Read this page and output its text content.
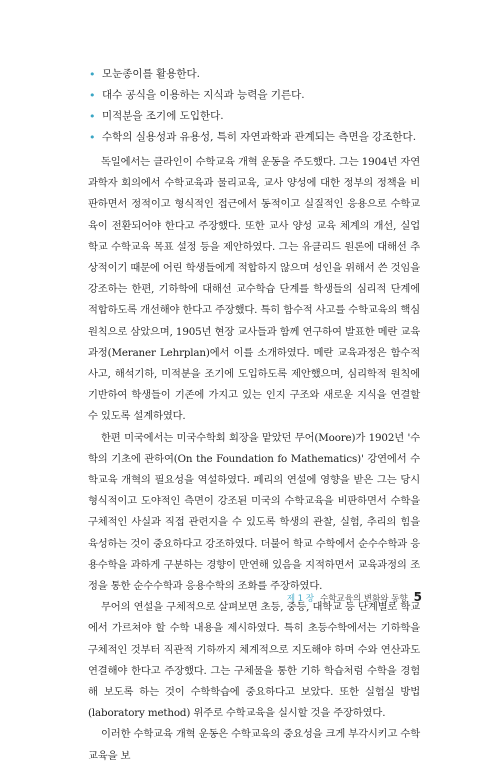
• 모눈종이를 활용한다.
• 대수 공식을 이용하는 지식과 능력을 기른다.
• 미적분을 조기에 도입한다.
• 수학의 실용성과 유용성, 특히 자연과학과 관계되는 측면을 강조한다.

독일에서는 클라인이 수학교육 개혁 운동을 주도했다. 그는 1904년 자연과학자 회의에서 수학교육과 물리교육, 교사 양성에 대한 정부의 정책을 비판하면서 정적이고 형식적인 접근에서 동적이고 실질적인 응용으로 수학교육이 전환되어야 한다고 주장했다. 또한 교사 양성 교육 체계의 개선, 실업 학교 수학교육 목표 설정 등을 제안하였다. 그는 유클리드 원론에 대해선 추상적이기 때문에 어린 학생들에게 적합하지 않으며 성인을 위해서 쓴 것임을 강조하는 한편, 기하학에 대해선 교수학습 단계를 학생들의 심리적 단계에 적합하도록 개선해야 한다고 주장했다. 특히 함수적 사고를 수학교육의 핵심 원칙으로 삼았으며, 1905년 현장 교사들과 함께 연구하여 발표한 메란 교육과정(Meraner Lehrplan)에서 이를 소개하였다. 메란 교육과정은 함수적 사고, 해석기하, 미적분을 조기에 도입하도록 제안했으며, 심리학적 원칙에 기반하여 학생들이 기존에 가지고 있는 인지 구조와 새로운 지식을 연결할 수 있도록 설계하였다.

한편 미국에서는 미국수학회 회장을 맡았던 무어(Moore)가 1902년 '수학의 기초에 관하여(On the Foundation fo Mathematics)' 강연에서 수학교육 개혁의 필요성을 역설하였다. 페리의 연설에 영향을 받은 그는 당시 형식적이고 도야적인 측면이 강조된 미국의 수학교육을 비판하면서 수학을 구체적인 사실과 직접 관련지을 수 있도록 학생의 관찰, 실험, 추리의 힘을 육성하는 것이 중요하다고 강조하였다. 더불어 학교 수학에서 순수수학과 응용수학을 과하게 구분하는 경향이 만연해 있음을 지적하면서 교육과정의 조정을 통한 순수수학과 응용수학의 조화를 주장하였다.

무어의 연설을 구체적으로 살펴보면 초등, 중등, 대학교 등 단계별로 학교에서 가르쳐야 할 수학 내용을 제시하였다. 특히 초등수학에서는 기하학을 구체적인 것부터 직관적 기하까지 체계적으로 지도해야 하며 수와 연산과도 연결해야 한다고 주장했다. 그는 구체물을 통한 기하 학습처럼 수학을 경험해 보도록 하는 것이 수학학습에 중요하다고 보았다. 또한 실험실 방법(laboratory method) 위주로 수학교육을 실시할 것을 주장하였다.

이러한 수학교육 개혁 운동은 수학교육의 중요성을 크게 부각시키고 수학교육을 보

제 1 장 수학교육의 변화와 동향 5
